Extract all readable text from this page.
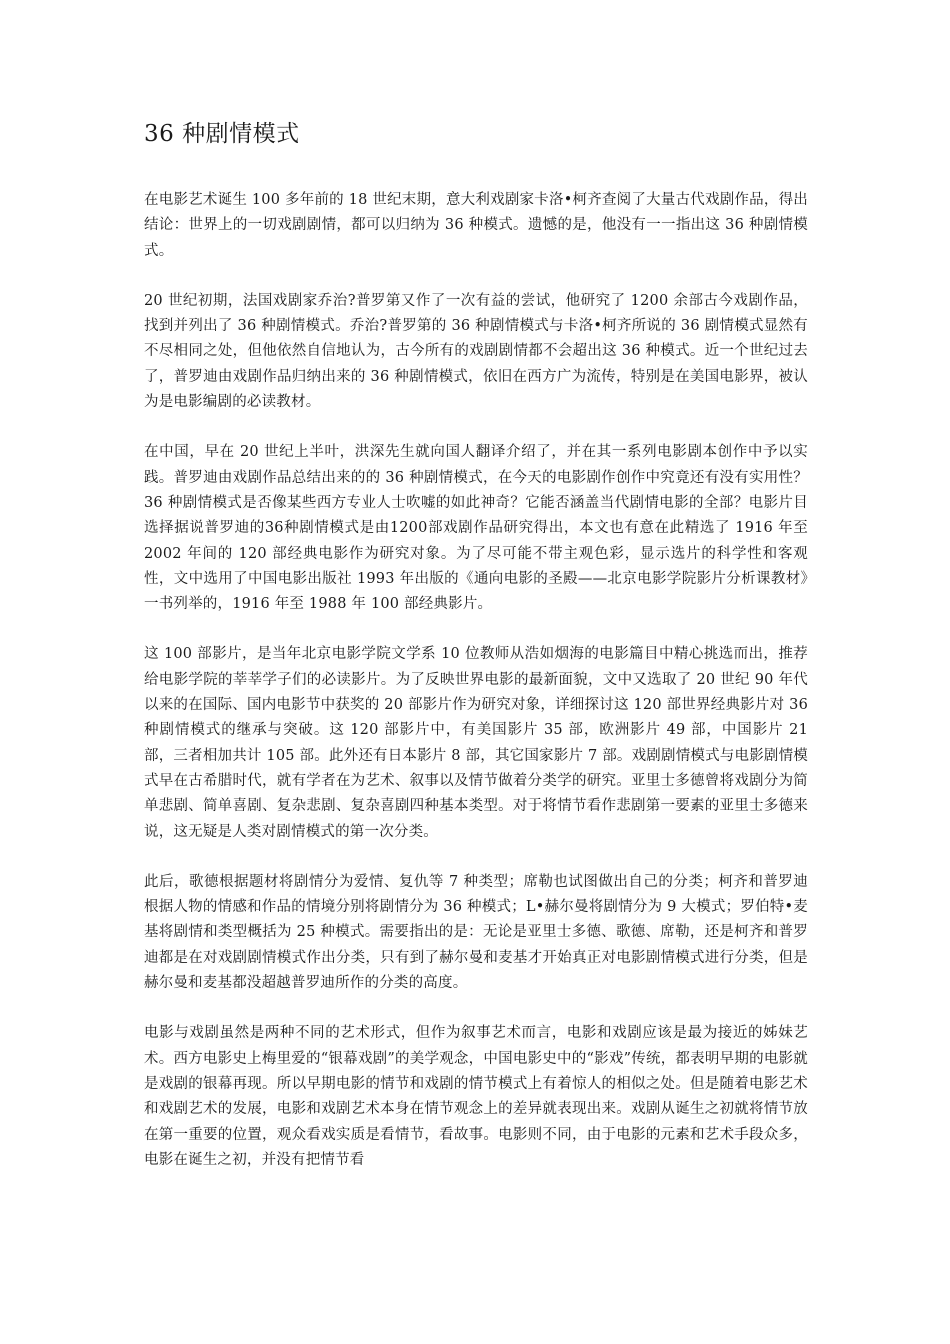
36 种剧情模式

在电影艺术诞生 100 多年前的 18 世纪末期，意大利戏剧家卡洛•柯齐查阅了大量古代戏剧作品，得出结论：世界上的一切戏剧剧情，都可以归纳为 36 种模式。遗憾的是，他没有一一指出这 36 种剧情模式。

20 世纪初期，法国戏剧家乔治?普罗第又作了一次有益的尝试，他研究了 1200 余部古今戏剧作品，找到并列出了 36 种剧情模式。乔治?普罗第的 36 种剧情模式与卡洛•柯齐所说的 36 剧情模式显然有不尽相同之处，但他依然自信地认为，古今所有的戏剧剧情都不会超出这 36 种模式。近一个世纪过去了，普罗迪由戏剧作品归纳出来的 36 种剧情模式，依旧在西方广为流传，特别是在美国电影界，被认为是电影编剧的必读教材。

在中国，早在 20 世纪上半叶，洪深先生就向国人翻译介绍了，并在其一系列电影剧本创作中予以实践。普罗迪由戏剧作品总结出来的的 36 种剧情模式，在今天的电影剧作创作中究竟还有没有实用性？36 种剧情模式是否像某些西方专业人士吹嘘的如此神奇？它能否涵盖当代剧情电影的全部？电影片目选择据说普罗迪的36种剧情模式是由1200部戏剧作品研究得出，本文也有意在此精选了 1916 年至 2002 年间的 120 部经典电影作为研究对象。为了尽可能不带主观色彩，显示选片的科学性和客观性，文中选用了中国电影出版社 1993 年出版的《通向电影的圣殿——北京电影学院影片分析课教材》一书列举的，1916 年至 1988 年 100 部经典影片。

这 100 部影片，是当年北京电影学院文学系 10 位教师从浩如烟海的电影篇目中精心挑选而出，推荐给电影学院的莘莘学子们的必读影片。为了反映世界电影的最新面貌，文中又选取了 20 世纪 90 年代以来的在国际、国内电影节中获奖的 20 部影片作为研究对象，详细探讨这 120 部世界经典影片对 36 种剧情模式的继承与突破。这 120 部影片中，有美国影片 35 部，欧洲影片 49 部，中国影片 21 部，三者相加共计 105 部。此外还有日本影片 8 部，其它国家影片 7 部。戏剧剧情模式与电影剧情模式早在古希腊时代，就有学者在为艺术、叙事以及情节做着分类学的研究。亚里士多德曾将戏剧分为简单悲剧、简单喜剧、复杂悲剧、复杂喜剧四种基本类型。对于将情节看作悲剧第一要素的亚里士多德来说，这无疑是人类对剧情模式的第一次分类。

此后，歌德根据题材将剧情分为爱情、复仇等 7 种类型；席勒也试图做出自己的分类；柯齐和普罗迪根据人物的情感和作品的情境分别将剧情分为 36 种模式；L•赫尔曼将剧情分为 9 大模式；罗伯特•麦基将剧情和类型概括为 25 种模式。需要指出的是：无论是亚里士多德、歌德、席勒，还是柯齐和普罗迪都是在对戏剧剧情模式作出分类，只有到了赫尔曼和麦基才开始真正对电影剧情模式进行分类，但是赫尔曼和麦基都没超越普罗迪所作的分类的高度。

电影与戏剧虽然是两种不同的艺术形式，但作为叙事艺术而言，电影和戏剧应该是最为接近的姊妹艺术。西方电影史上梅里爱的“银幕戏剧”的美学观念，中国电影史中的“影戏”传统，都表明早期的电影就是戏剧的银幕再现。所以早期电影的情节和戏剧的情节模式上有着惊人的相似之处。但是随着电影艺术和戏剧艺术的发展，电影和戏剧艺术本身在情节观念上的差异就表现出来。戏剧从诞生之初就将情节放在第一重要的位置，观众看戏实质是看情节，看故事。电影则不同，由于电影的元素和艺术手段众多，电影在诞生之初，并没有把情节看
